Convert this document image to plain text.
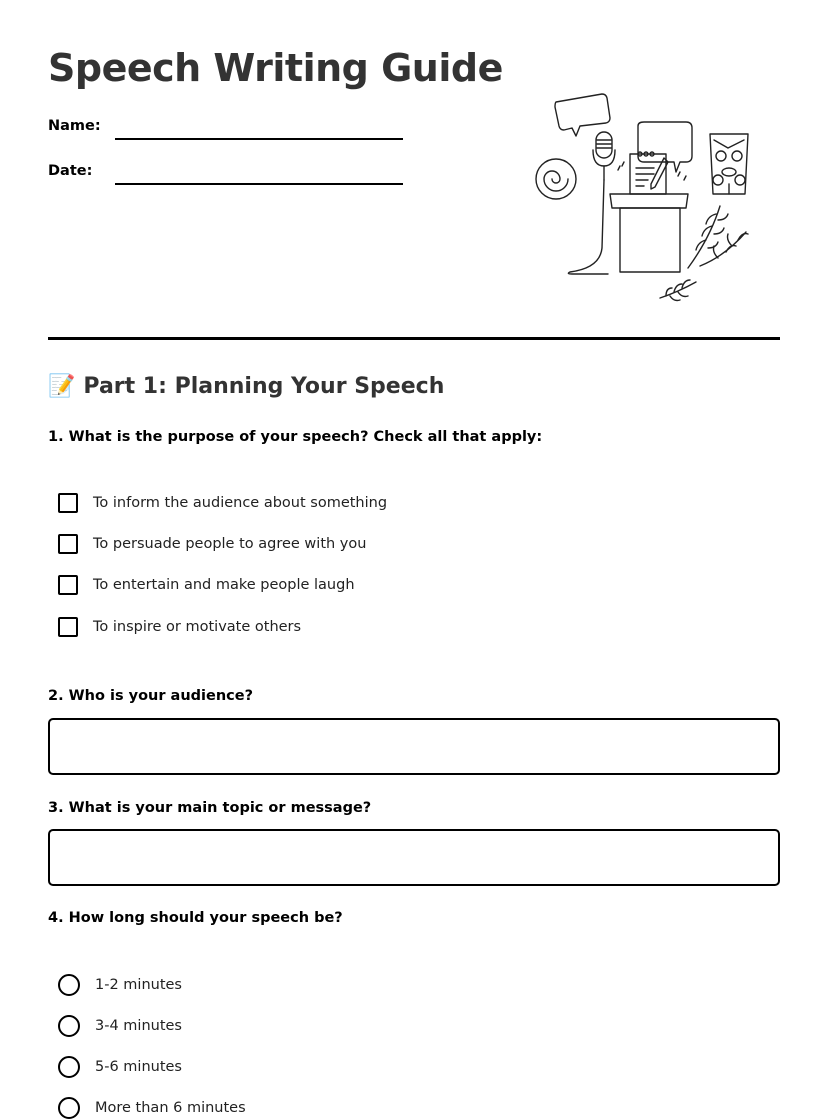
Speech Writing Guide
Name:
Date:
📝 Part 1: Planning Your Speech

1. What is the purpose of your speech? Check all that apply:

To inform the audience about something
To persuade people to agree with you
To entertain and make people laugh
To inspire or motivate others

2. Who is your audience?

3. What is your main topic or message?

4. How long should your speech be?

1-2 minutes
3-4 minutes
5-6 minutes
More than 6 minutes
